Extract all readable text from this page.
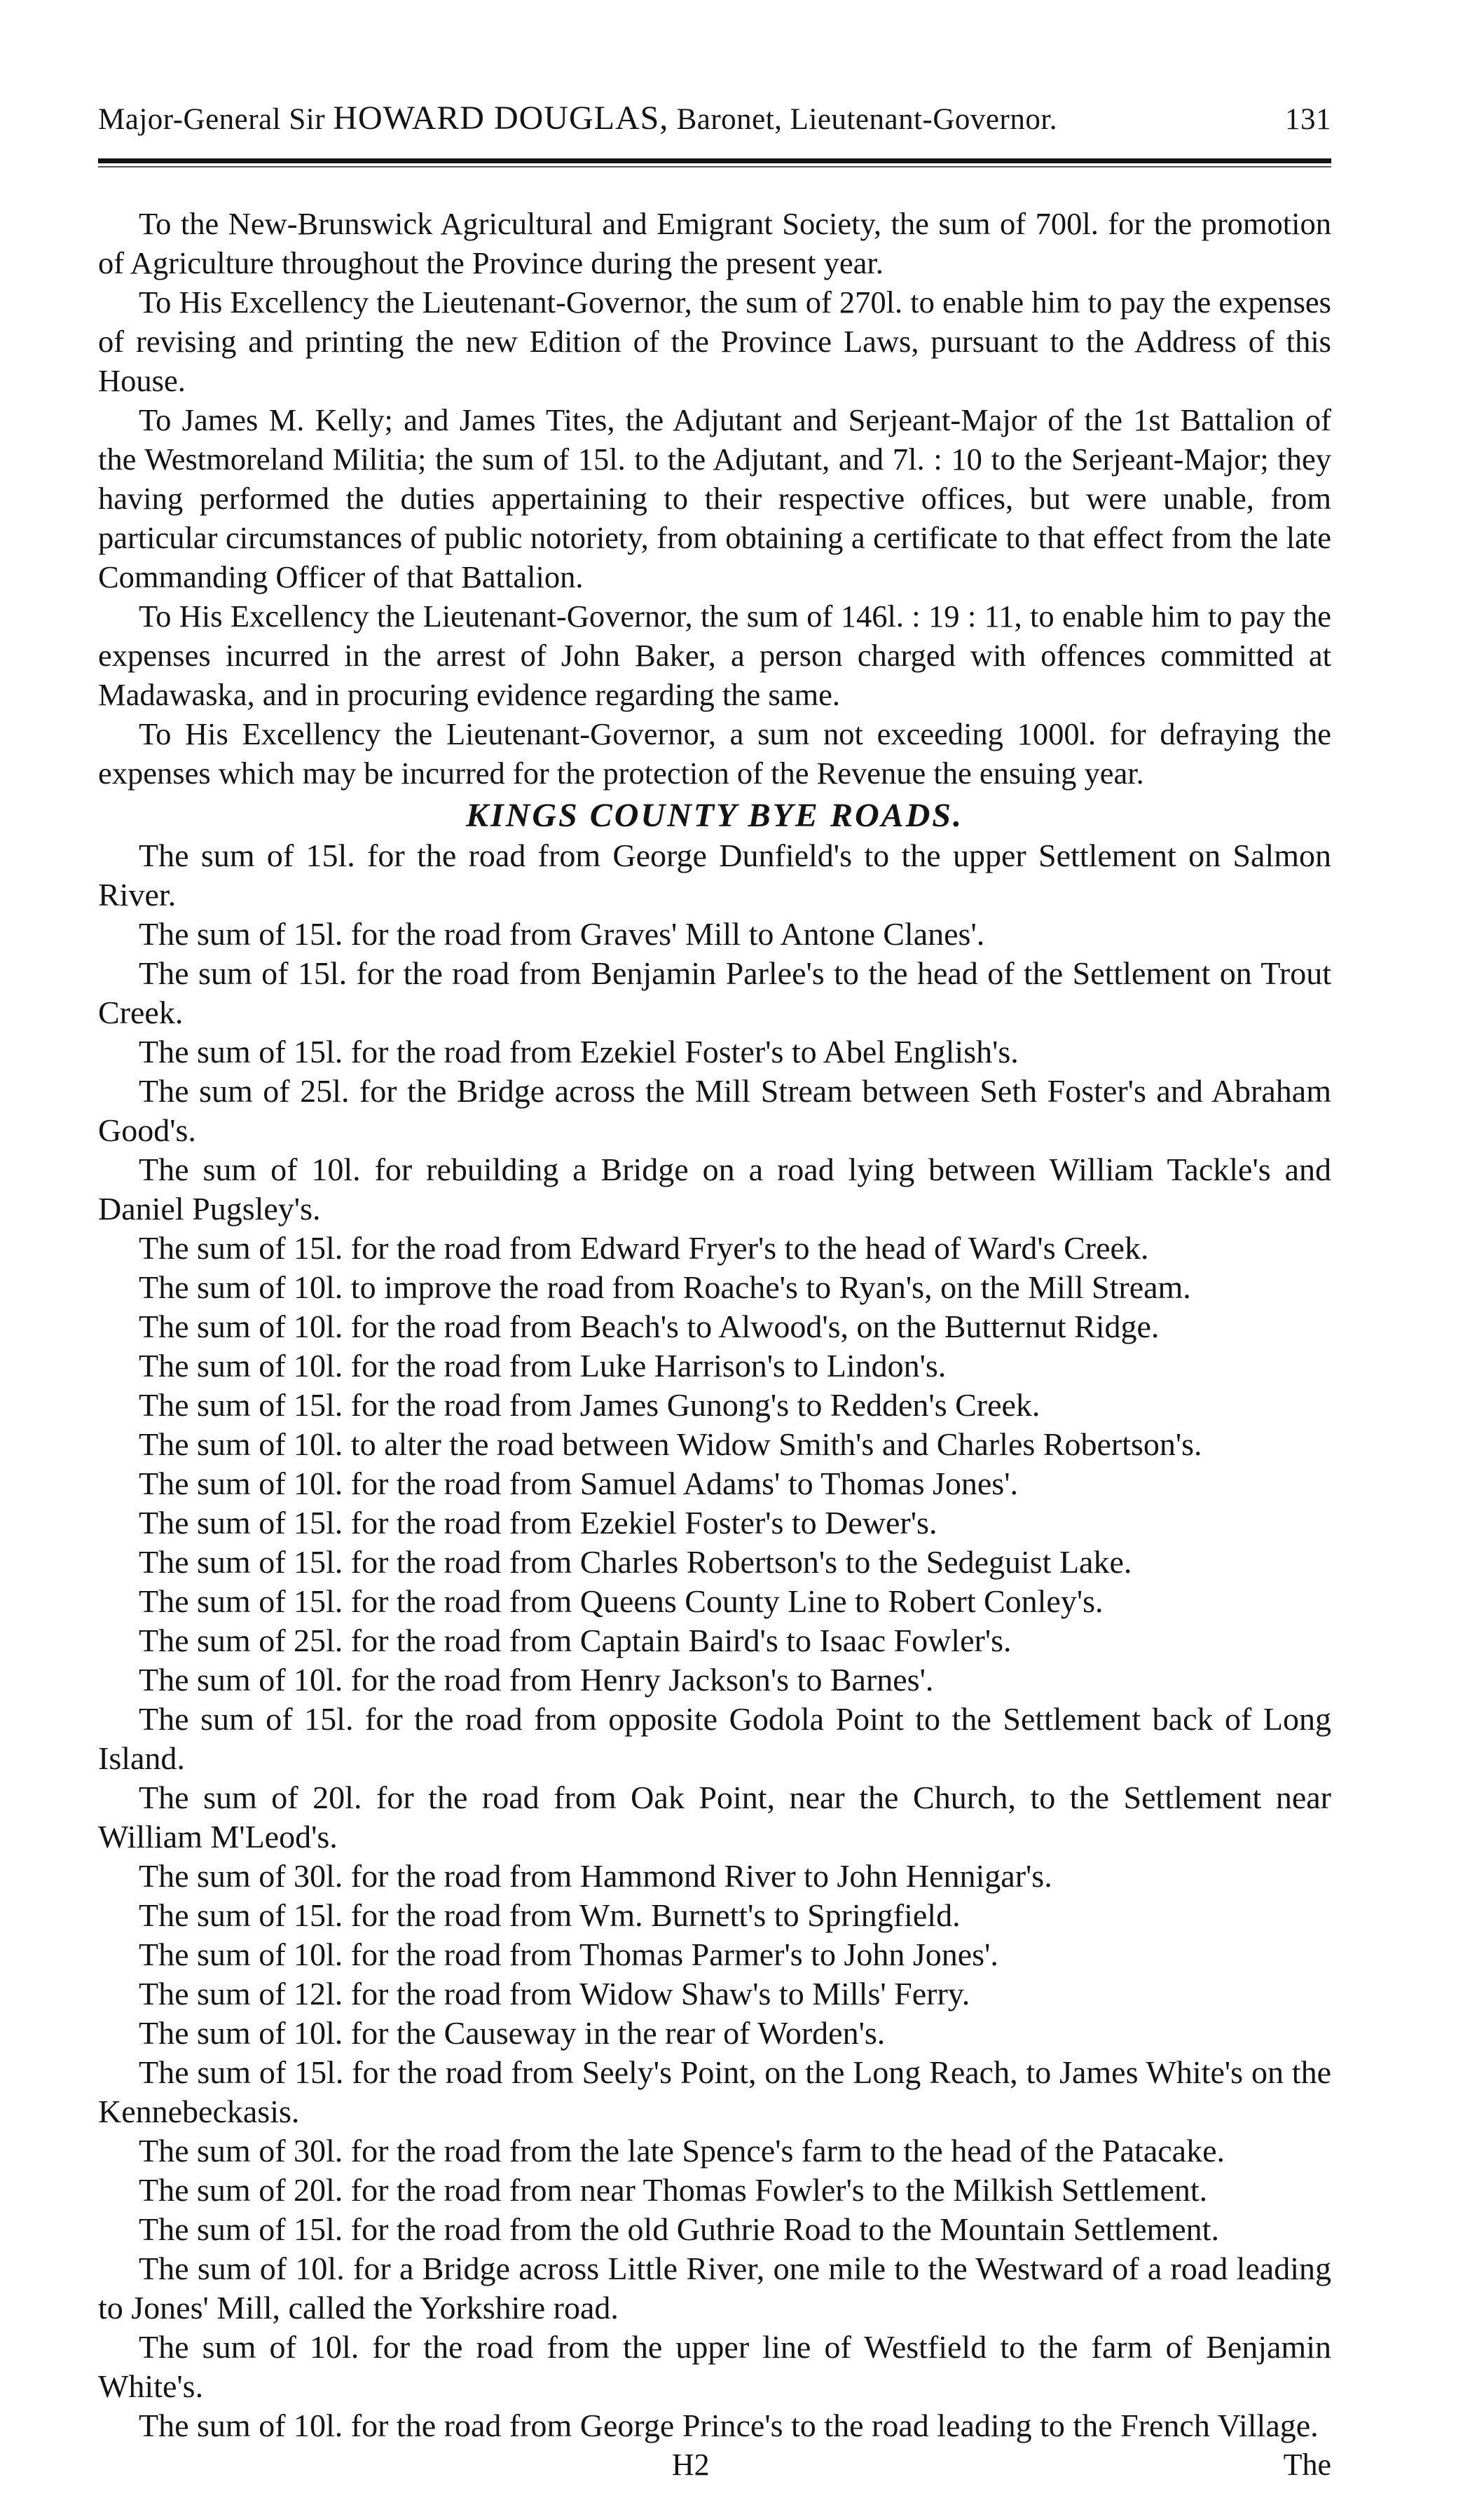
Major-General Sir HOWARD DOUGLAS, Baronet, Lieutenant-Governor.	131

To the New-Brunswick Agricultural and Emigrant Society, the sum of 700l. for the promotion of Agriculture throughout the Province during the present year.

To His Excellency the Lieutenant-Governor, the sum of 270l. to enable him to pay the expenses of revising and printing the new Edition of the Province Laws, pursuant to the Address of this House.

To James M. Kelly; and James Tites, the Adjutant and Serjeant-Major of the 1st Battalion of the Westmoreland Militia; the sum of 15l. to the Adjutant, and 7l. : 10 to the Serjeant-Major; they having performed the duties appertaining to their respective offices, but were unable, from particular circumstances of public notoriety, from obtaining a certificate to that effect from the late Commanding Officer of that Battalion.

To His Excellency the Lieutenant-Governor, the sum of 146l. : 19 : 11, to enable him to pay the expenses incurred in the arrest of John Baker, a person charged with offences committed at Madawaska, and in procuring evidence regarding the same.

To His Excellency the Lieutenant-Governor, a sum not exceeding 1000l. for defraying the expenses which may be incurred for the protection of the Revenue the ensuing year.

KINGS COUNTY BYE ROADS.

The sum of 15l. for the road from George Dunfield's to the upper Settlement on Salmon River.

The sum of 15l. for the road from Graves' Mill to Antone Clanes'.

The sum of 15l. for the road from Benjamin Parlee's to the head of the Settlement on Trout Creek.

The sum of 15l. for the road from Ezekiel Foster's to Abel English's.

The sum of 25l. for the Bridge across the Mill Stream between Seth Foster's and Abraham Good's.

The sum of 10l. for rebuilding a Bridge on a road lying between William Tackle's and Daniel Pugsley's.

The sum of 15l. for the road from Edward Fryer's to the head of Ward's Creek.

The sum of 10l. to improve the road from Roache's to Ryan's, on the Mill Stream.

The sum of 10l. for the road from Beach's to Alwood's, on the Butternut Ridge.

The sum of 10l. for the road from Luke Harrison's to Lindon's.

The sum of 15l. for the road from James Gunong's to Redden's Creek.

The sum of 10l. to alter the road between Widow Smith's and Charles Robertson's.

The sum of 10l. for the road from Samuel Adams' to Thomas Jones'.

The sum of 15l. for the road from Ezekiel Foster's to Dewer's.

The sum of 15l. for the road from Charles Robertson's to the Sedeguist Lake.

The sum of 15l. for the road from Queens County Line to Robert Conley's.

The sum of 25l. for the road from Captain Baird's to Isaac Fowler's.

The sum of 10l. for the road from Henry Jackson's to Barnes'.

The sum of 15l. for the road from opposite Godola Point to the Settlement back of Long Island.

The sum of 20l. for the road from Oak Point, near the Church, to the Settlement near William M'Leod's.

The sum of 30l. for the road from Hammond River to John Hennigar's.

The sum of 15l. for the road from Wm. Burnett's to Springfield.

The sum of 10l. for the road from Thomas Parmer's to John Jones'.

The sum of 12l. for the road from Widow Shaw's to Mills' Ferry.

The sum of 10l. for the Causeway in the rear of Worden's.

The sum of 15l. for the road from Seely's Point, on the Long Reach, to James White's on the Kennebeckasis.

The sum of 30l. for the road from the late Spence's farm to the head of the Patacake.

The sum of 20l. for the road from near Thomas Fowler's to the Milkish Settlement.

The sum of 15l. for the road from the old Guthrie Road to the Mountain Settlement.

The sum of 10l. for a Bridge across Little River, one mile to the Westward of a road leading to Jones' Mill, called the Yorkshire road.

The sum of 10l. for the road from the upper line of Westfield to the farm of Benjamin White's.

The sum of 10l. for the road from George Prince's to the road leading to the French Village.

H2	The
